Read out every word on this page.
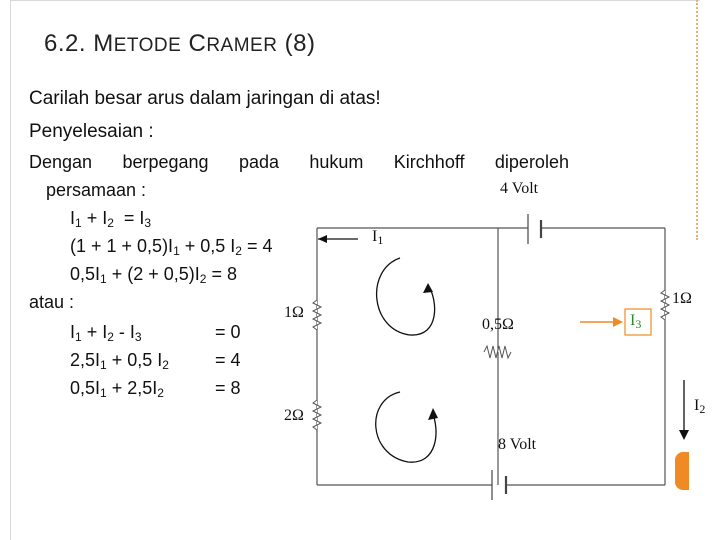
6.2. METODE CRAMER (8)
Carilah besar arus dalam jaringan di atas!
Penyelesaian :
Dengan berpegang pada hukum Kirchhoff diperoleh
persamaan :
$I_1 + I_2 = I_3$
$(1 + 1 + 0,5)I_1 + 0,5$ $I_2 = 4$
$0,5I_1 + (2 + 0,5)I_2 = 8$
atau :
$I_1 + I_2 - I_3$	= 0
$2,5I_1 + 0,5$ $I_2$	= 4
$0,5I_1 + 2,5I_2$	= 8
4 Volt
8 Volt
$I_1$
1Ω
2Ω
0,5Ω
1Ω
$I_3$
$I_2$
